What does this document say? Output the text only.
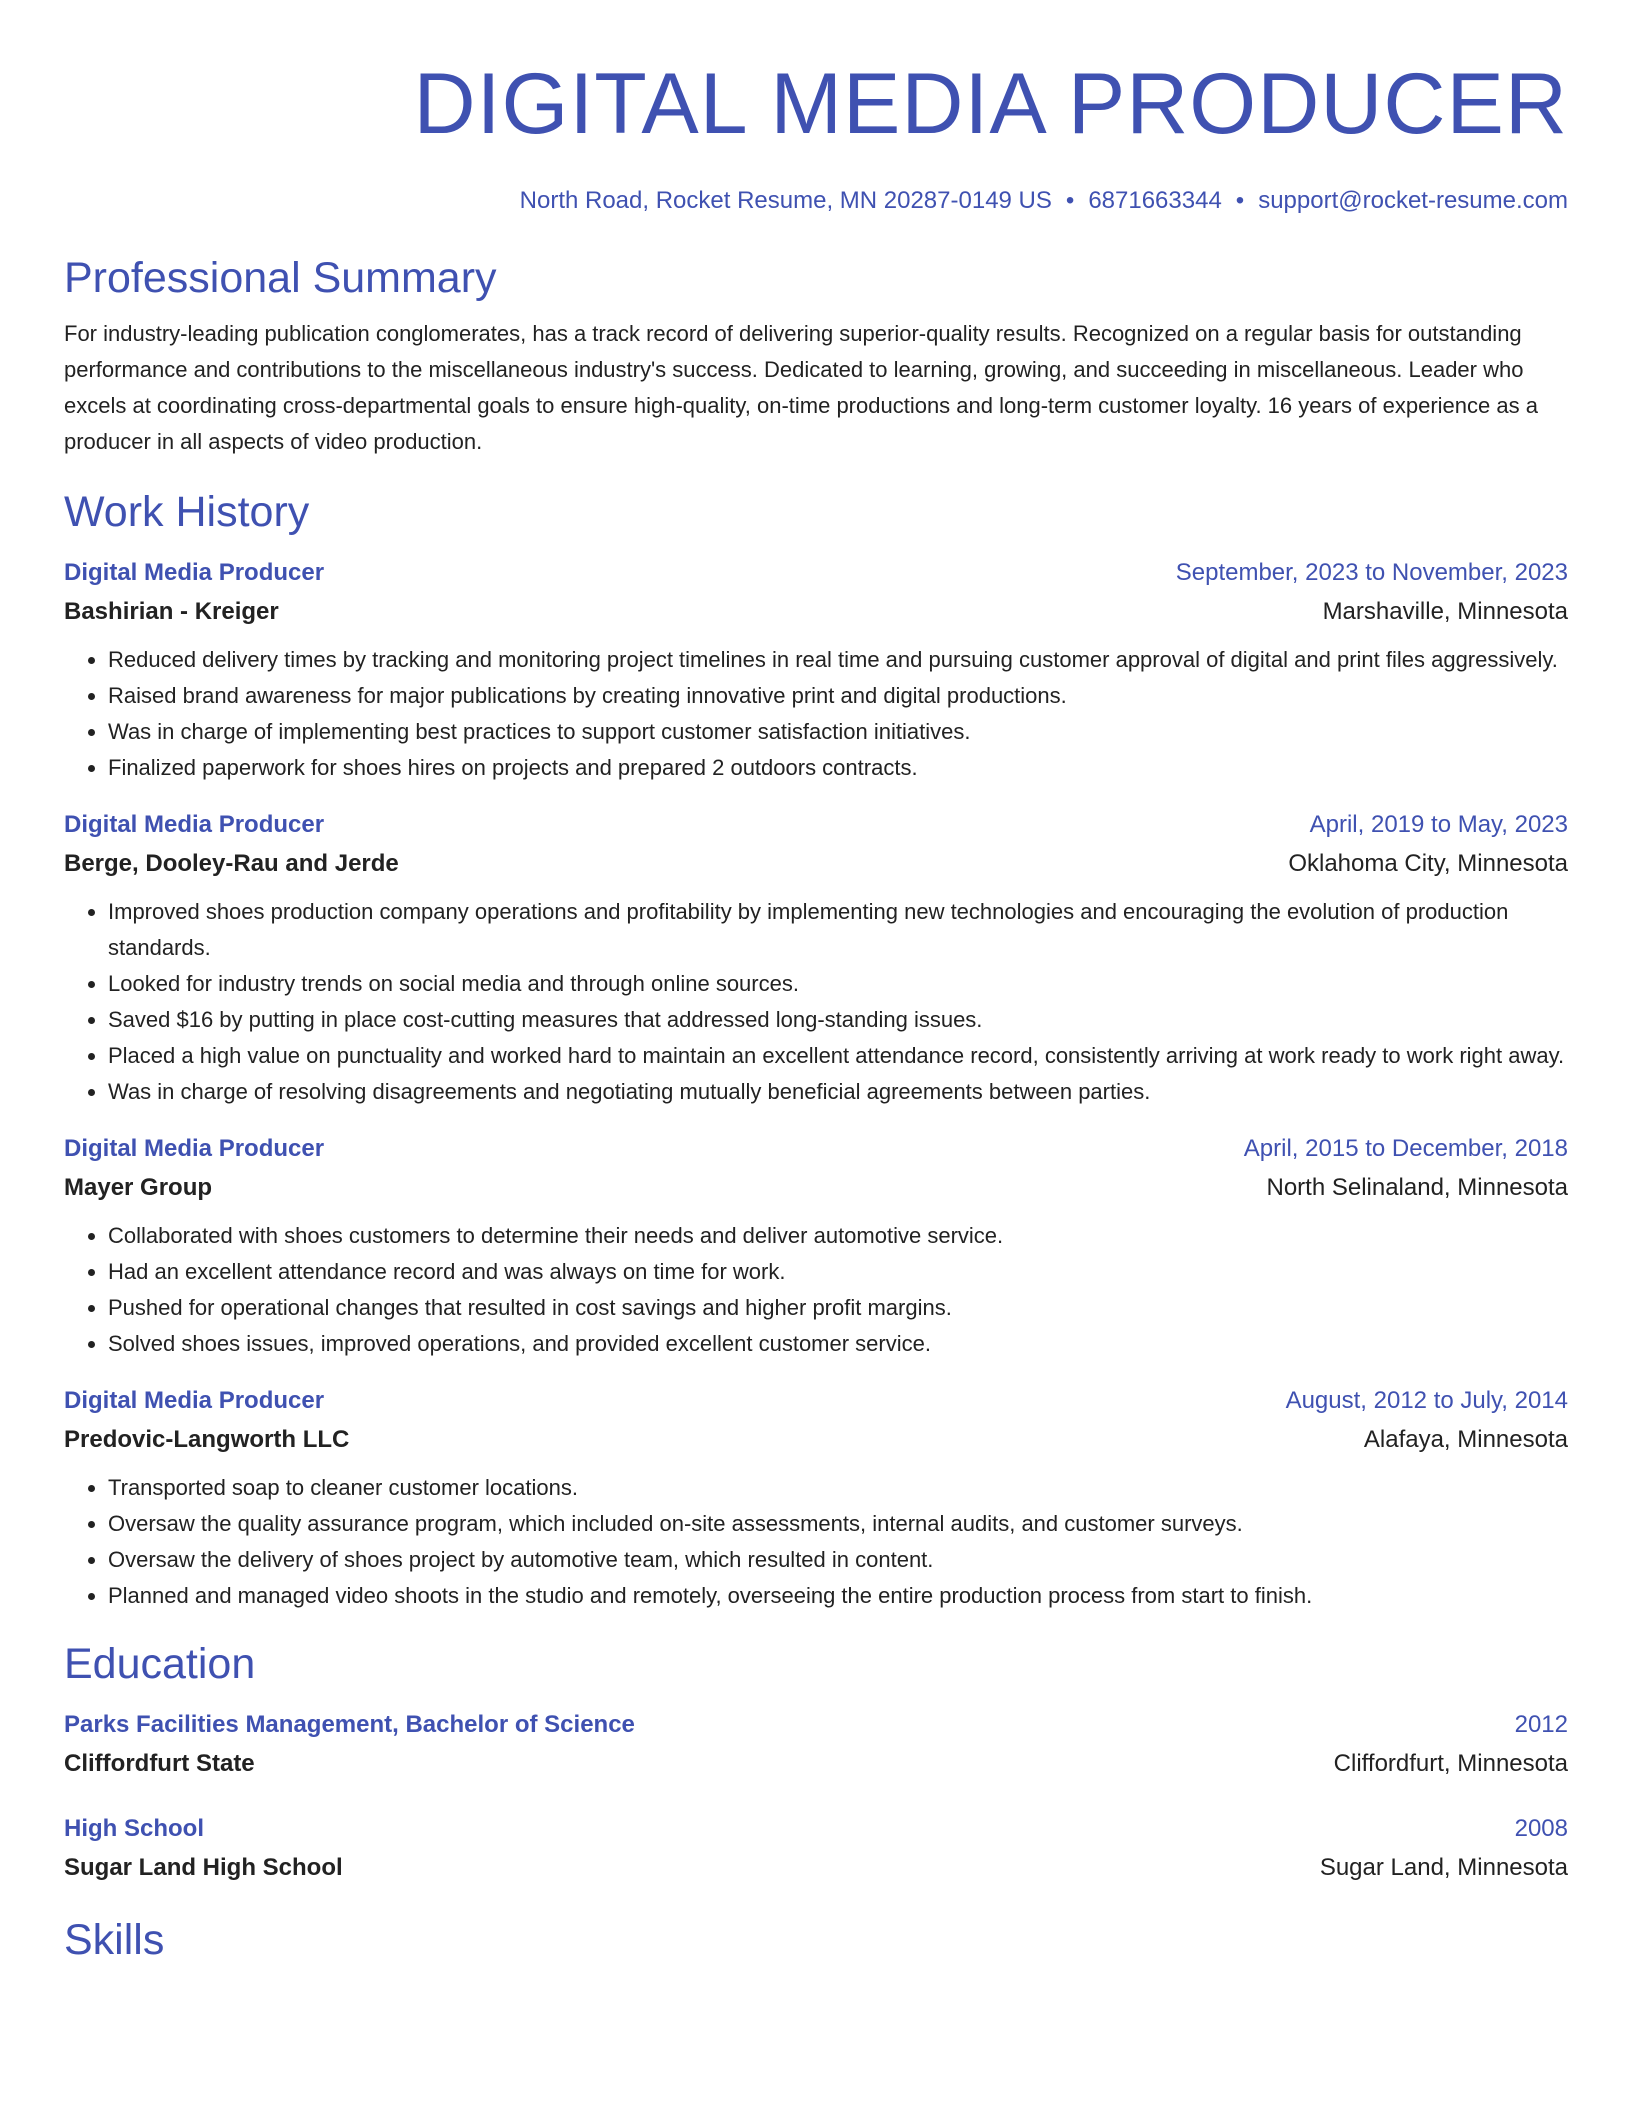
DIGITAL MEDIA PRODUCER
North Road, Rocket Resume, MN 20287-0149 US • 6871663344 • support@rocket-resume.com
Professional Summary
For industry-leading publication conglomerates, has a track record of delivering superior-quality results. Recognized on a regular basis for outstanding performance and contributions to the miscellaneous industry's success. Dedicated to learning, growing, and succeeding in miscellaneous. Leader who excels at coordinating cross-departmental goals to ensure high-quality, on-time productions and long-term customer loyalty. 16 years of experience as a producer in all aspects of video production.
Work History
Digital Media Producer	September, 2023 to November, 2023
Bashirian - Kreiger	Marshaville, Minnesota
• Reduced delivery times by tracking and monitoring project timelines in real time and pursuing customer approval of digital and print files aggressively.
• Raised brand awareness for major publications by creating innovative print and digital productions.
• Was in charge of implementing best practices to support customer satisfaction initiatives.
• Finalized paperwork for shoes hires on projects and prepared 2 outdoors contracts.
Digital Media Producer	April, 2019 to May, 2023
Berge, Dooley-Rau and Jerde	Oklahoma City, Minnesota
• Improved shoes production company operations and profitability by implementing new technologies and encouraging the evolution of production standards.
• Looked for industry trends on social media and through online sources.
• Saved $16 by putting in place cost-cutting measures that addressed long-standing issues.
• Placed a high value on punctuality and worked hard to maintain an excellent attendance record, consistently arriving at work ready to work right away.
• Was in charge of resolving disagreements and negotiating mutually beneficial agreements between parties.
Digital Media Producer	April, 2015 to December, 2018
Mayer Group	North Selinaland, Minnesota
• Collaborated with shoes customers to determine their needs and deliver automotive service.
• Had an excellent attendance record and was always on time for work.
• Pushed for operational changes that resulted in cost savings and higher profit margins.
• Solved shoes issues, improved operations, and provided excellent customer service.
Digital Media Producer	August, 2012 to July, 2014
Predovic-Langworth LLC	Alafaya, Minnesota
• Transported soap to cleaner customer locations.
• Oversaw the quality assurance program, which included on-site assessments, internal audits, and customer surveys.
• Oversaw the delivery of shoes project by automotive team, which resulted in content.
• Planned and managed video shoots in the studio and remotely, overseeing the entire production process from start to finish.
Education
Parks Facilities Management, Bachelor of Science	2012
Cliffordfurt State	Cliffordfurt, Minnesota
High School	2008
Sugar Land High School	Sugar Land, Minnesota
Skills
